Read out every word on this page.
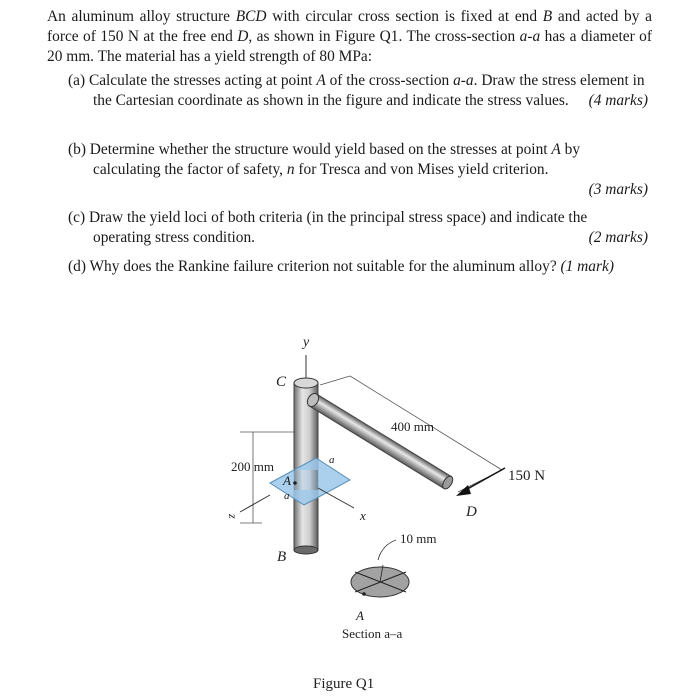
An aluminum alloy structure BCD with circular cross section is fixed at end B and acted by a force of 150 N at the free end D, as shown in Figure Q1. The cross-section a-a has a diameter of 20 mm. The material has a yield strength of 80 MPa:
(a) Calculate the stresses acting at point A of the cross-section a-a. Draw the stress element in the Cartesian coordinate as shown in the figure and indicate the stress values.	(4 marks)
(b) Determine whether the structure would yield based on the stresses at point A by calculating the factor of safety, n for Tresca and von Mises yield criterion.
(3 marks)
(c) Draw the yield loci of both criteria (in the principal stress space) and indicate the operating stress condition.	(2 marks)
(d) Why does the Rankine failure criterion not suitable for the aluminum alloy? (1 mark)
y
400 mm
C
200 mm	a
a
A
x
z
150 N
D
B
10 mm
A
Section a–a
Figure Q1
